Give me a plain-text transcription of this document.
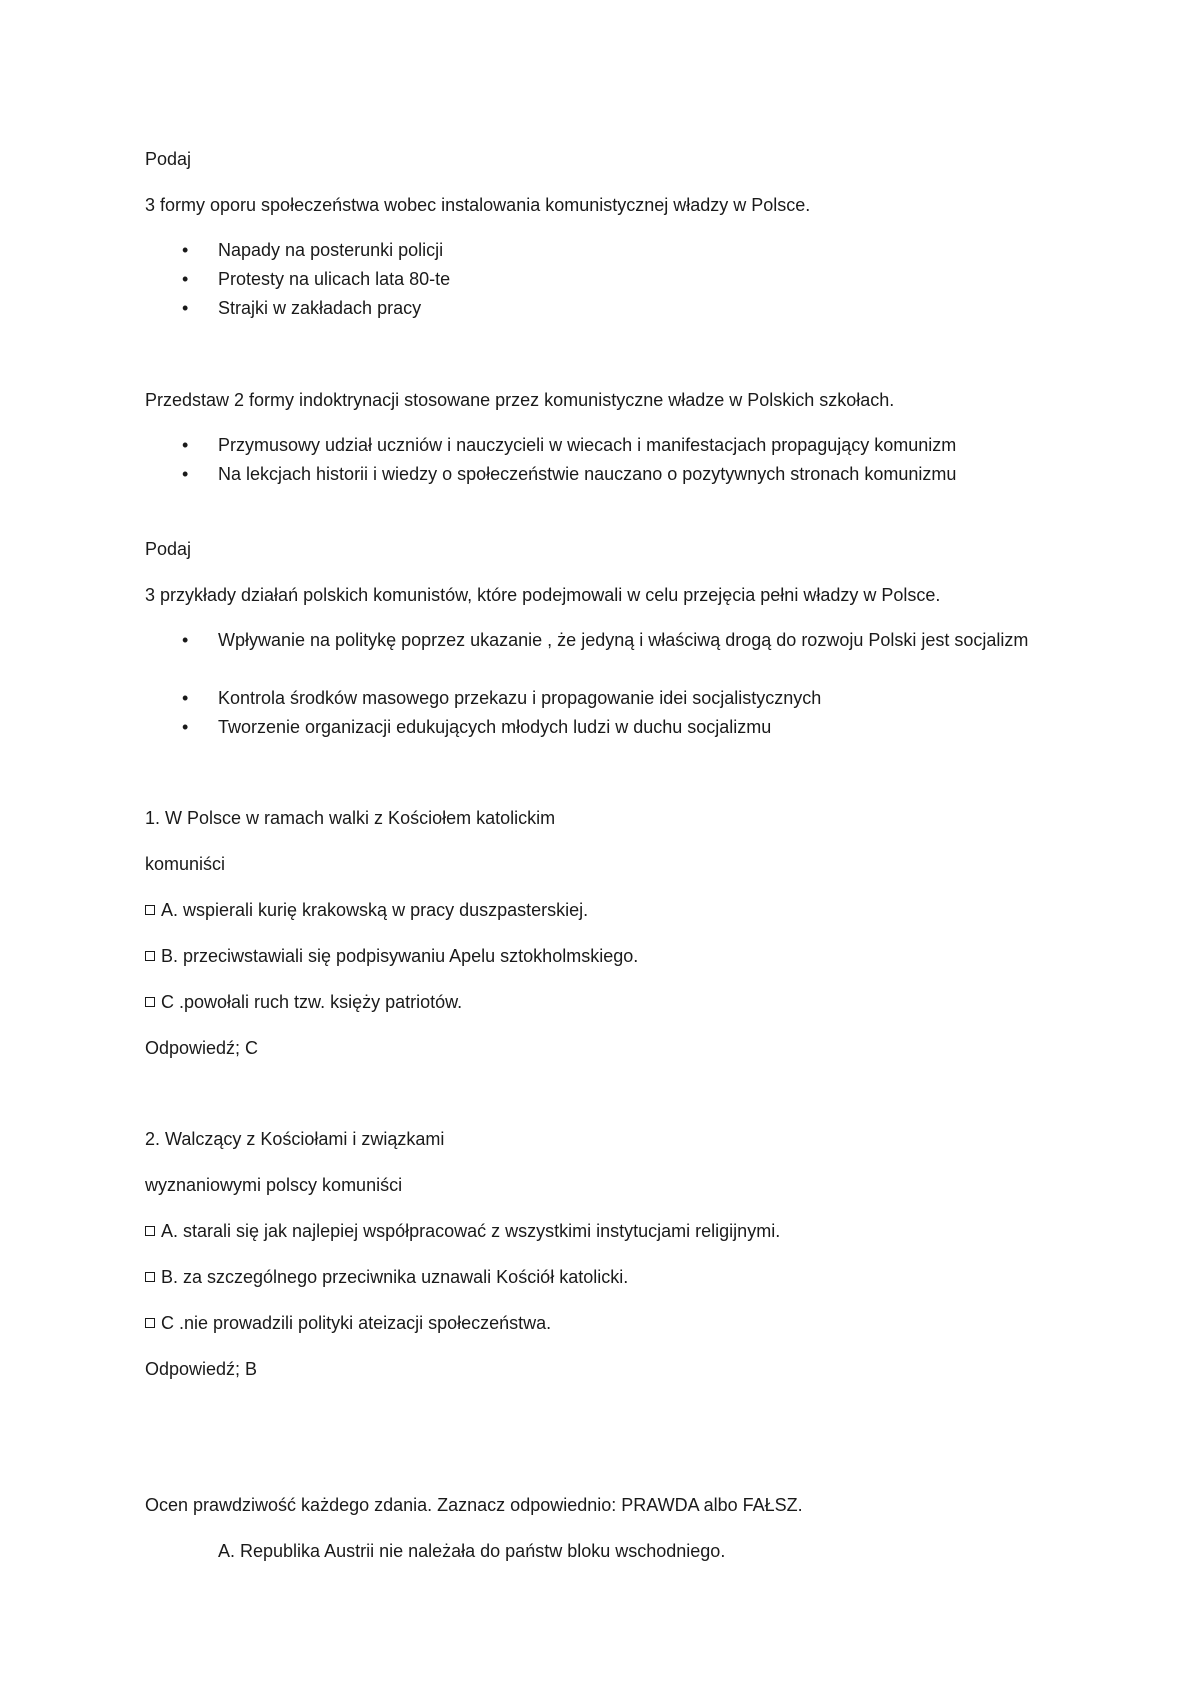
Podaj
3 formy oporu społeczeństwa wobec instalowania komunistycznej władzy w Polsce.
•	Napady na posterunki policji
•	Protesty na ulicach lata 80-te
•	Strajki w zakładach pracy
Przedstaw 2 formy indoktrynacji stosowane przez komunistyczne władze w Polskich szkołach.
•	Przymusowy udział uczniów i nauczycieli w wiecach i manifestacjach propagujący komunizm
•	Na lekcjach historii i wiedzy o społeczeństwie nauczano o pozytywnych stronach komunizmu
Podaj
3 przykłady działań polskich komunistów, które podejmowali w celu przejęcia pełni władzy w Polsce.
•	Wpływanie na politykę poprzez ukazanie , że jedyną i właściwą drogą do rozwoju Polski jest socjalizm
•	Kontrola środków masowego przekazu i propagowanie idei socjalistycznych
•	Tworzenie organizacji edukujących młodych ludzi w duchu socjalizmu
1. W Polsce w ramach walki z Kościołem katolickim
komuniści
A. wspierali kurię krakowską w pracy duszpasterskiej.
B. przeciwstawiali się podpisywaniu Apelu sztokholmskiego.
C .powołali ruch tzw. księży patriotów.
Odpowiedź; C
2. Walczący z Kościołami i związkami
wyznaniowymi polscy komuniści
A. starali się jak najlepiej współpracować z wszystkimi instytucjami religijnymi.
B. za szczególnego przeciwnika uznawali Kościół katolicki.
C .nie prowadzili polityki ateizacji społeczeństwa.
Odpowiedź; B
Ocen prawdziwość każdego zdania. Zaznacz odpowiednio: PRAWDA albo FAŁSZ.
A. Republika Austrii nie należała do państw bloku wschodniego.
